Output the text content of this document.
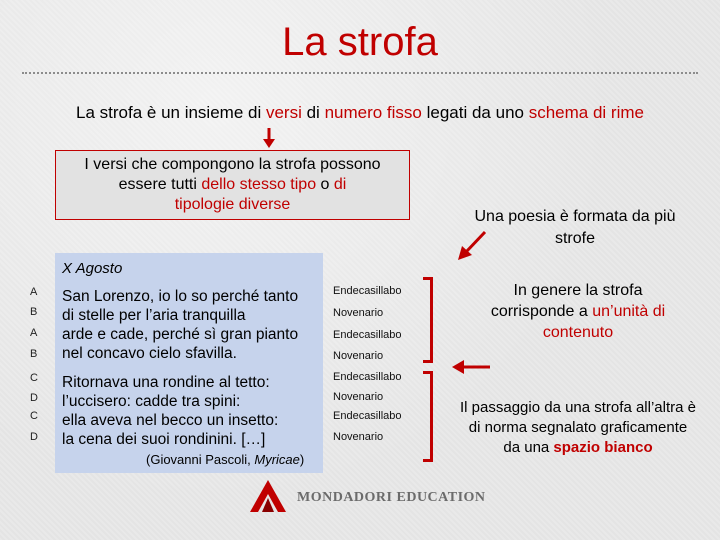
La strofa
La strofa è un insieme di versi di numero fisso legati da uno schema di rime
I versi che compongono la strofa possono
essere tutti dello stesso tipo o di
tipologie diverse
X Agosto
San Lorenzo, io lo so perché tanto
di stelle per l’aria tranquilla
arde e cade, perché sì gran pianto
nel concavo cielo sfavilla.
Ritornava una rondine al tetto:
l’uccisero: cadde tra spini:
ella aveva nel becco un insetto:
la cena dei suoi rondinini. […]
(Giovanni Pascoli, Myricae)
A
B
A
B
C
D
C
D
Endecasillabo
Novenario
Endecasillabo
Novenario
Endecasillabo
Novenario
Endecasillabo
Novenario
Una poesia è formata da più
strofe
In genere la strofa
corrisponde a un’unità di
contenuto
Il passaggio da una strofa all’altra è
di norma segnalato graficamente
da una spazio bianco
MONDADORI EDUCATION
